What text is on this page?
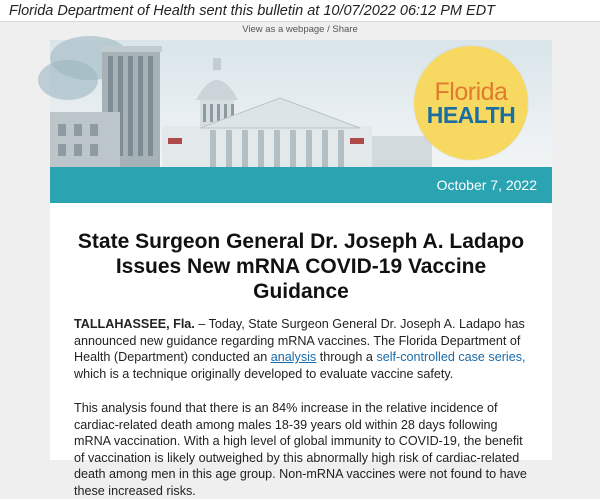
Florida Department of Health sent this bulletin at 10/07/2022 06:12 PM EDT
View as a webpage / Share
Florida
HEALTH
October 7, 2022
State Surgeon General Dr. Joseph A. Ladapo Issues New mRNA COVID-19 Vaccine Guidance

TALLAHASSEE, Fla. – Today, State Surgeon General Dr. Joseph A. Ladapo has announced new guidance regarding mRNA vaccines. The Florida Department of Health (Department) conducted an analysis through a self-controlled case series, which is a technique originally developed to evaluate vaccine safety.

This analysis found that there is an 84% increase in the relative incidence of cardiac-related death among males 18-39 years old within 28 days following mRNA vaccination. With a high level of global immunity to COVID-19, the benefit of vaccination is likely outweighed by this abnormally high risk of cardiac-related death among men in this age group. Non-mRNA vaccines were not found to have these increased risks.
